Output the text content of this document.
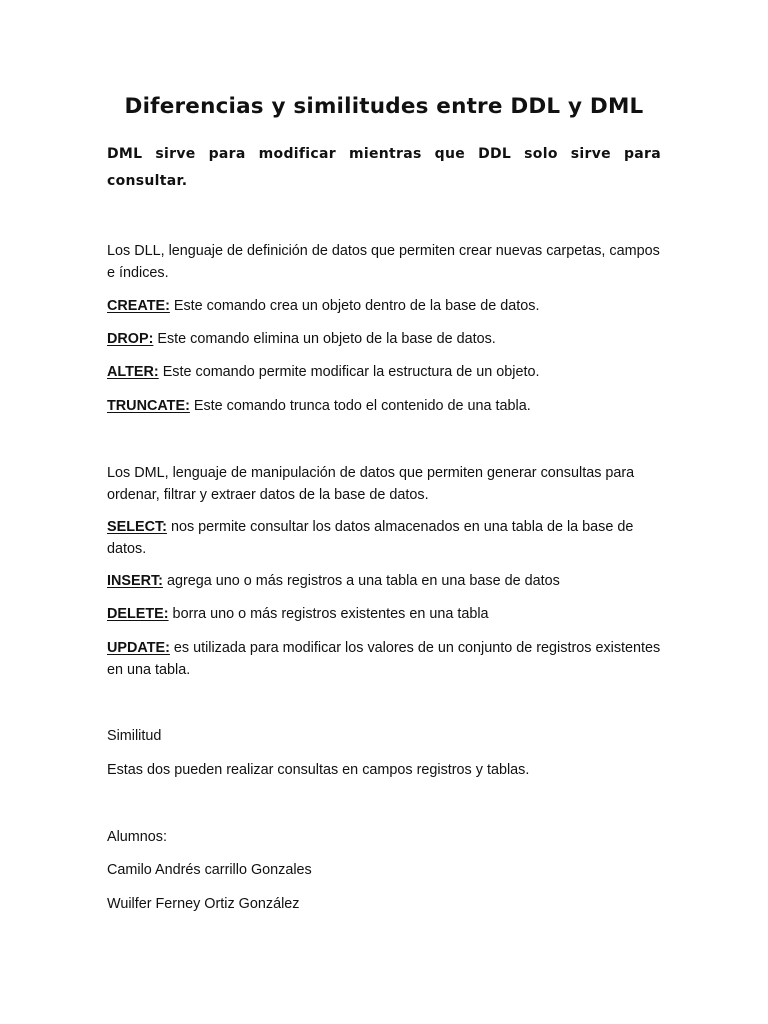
Diferencias y similitudes entre DDL y DML

DML sirve para modificar mientras que DDL solo sirve para consultar.

Los DLL, lenguaje de definición de datos que permiten crear nuevas carpetas, campos e índices.

CREATE: Este comando crea un objeto dentro de la base de datos.

DROP: Este comando elimina un objeto de la base de datos.

ALTER: Este comando permite modificar la estructura de un objeto.

TRUNCATE: Este comando trunca todo el contenido de una tabla.

Los DML, lenguaje de manipulación de datos que permiten generar consultas para ordenar, filtrar y extraer datos de la base de datos.

SELECT: nos permite consultar los datos almacenados en una tabla de la base de datos.

INSERT: agrega uno o más registros a una tabla en una base de datos

DELETE: borra uno o más registros existentes en una tabla

UPDATE: es utilizada para modificar los valores de un conjunto de registros existentes en una tabla.

Similitud

Estas dos pueden realizar consultas en campos registros y tablas.

Alumnos:

Camilo Andrés carrillo Gonzales

Wuilfer Ferney Ortiz González
